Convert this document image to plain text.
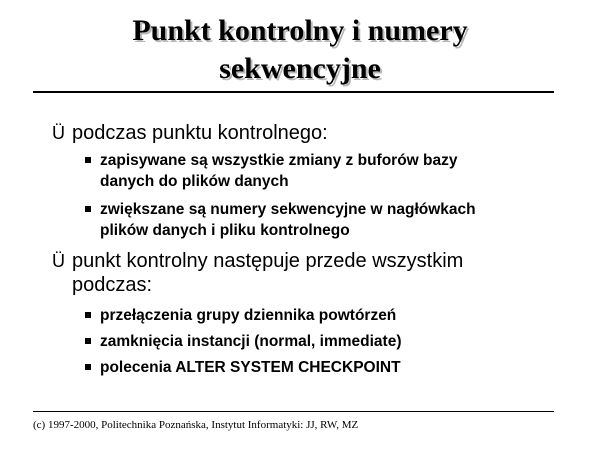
Punkt kontrolny i numery
sekwencyjne
Ü podczas punktu kontrolnego:
zapisywane są wszystkie zmiany z buforów bazy
danych do plików danych
zwiększane są numery sekwencyjne w nagłówkach
plików danych i pliku kontrolnego
Ü punkt kontrolny następuje przede wszystkim
podczas:
przełączenia grupy dziennika powtórzeń
zamknięcia instancji (normal, immediate)
polecenia ALTER SYSTEM CHECKPOINT
(c) 1997-2000, Politechnika Poznańska, Instytut Informatyki: JJ, RW, MZ
